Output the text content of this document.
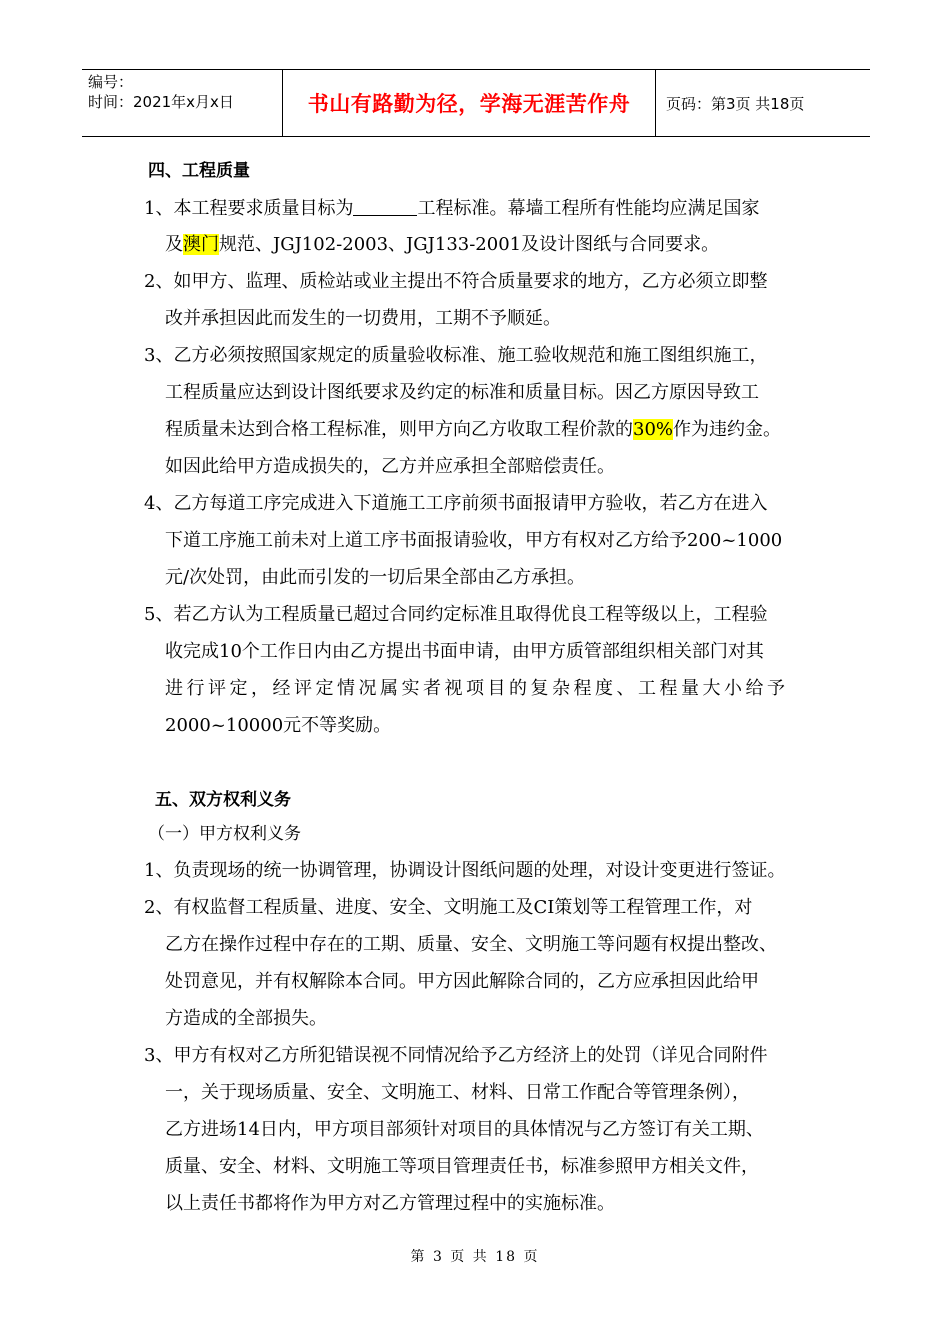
编号：
时间：2021年x月x日	书山有路勤为径，学海无涯苦作舟	页码：第3页 共18页
四、工程质量
1、本工程要求质量目标为	工程标准。幕墙工程所有性能均应满足国家
及澳门规范、JGJ102-2003、JGJ133-2001及设计图纸与合同要求。
2、如甲方、监理、质检站或业主提出不符合质量要求的地方，乙方必须立即整
改并承担因此而发生的一切费用，工期不予顺延。
3、乙方必须按照国家规定的质量验收标准、施工验收规范和施工图组织施工，
工程质量应达到设计图纸要求及约定的标准和质量目标。因乙方原因导致工
程质量未达到合格工程标准，则甲方向乙方收取工程价款的30%作为违约金。
如因此给甲方造成损失的，乙方并应承担全部赔偿责任。
4、乙方每道工序完成进入下道施工工序前须书面报请甲方验收，若乙方在进入
下道工序施工前未对上道工序书面报请验收，甲方有权对乙方给予200~1000
元/次处罚，由此而引发的一切后果全部由乙方承担。
5、若乙方认为工程质量已超过合同约定标准且取得优良工程等级以上，工程验
收完成10个工作日内由乙方提出书面申请，由甲方质管部组织相关部门对其
进行评定，经评定情况属实者视项目的复杂程度、工程量大小给予
2000~10000元不等奖励。
五、双方权利义务
（一）甲方权利义务
1、负责现场的统一协调管理，协调设计图纸问题的处理，对设计变更进行签证。
2、有权监督工程质量、进度、安全、文明施工及CI策划等工程管理工作，对
乙方在操作过程中存在的工期、质量、安全、文明施工等问题有权提出整改、
处罚意见，并有权解除本合同。甲方因此解除合同的，乙方应承担因此给甲
方造成的全部损失。
3、甲方有权对乙方所犯错误视不同情况给予乙方经济上的处罚（详见合同附件
一，关于现场质量、安全、文明施工、材料、日常工作配合等管理条例），
乙方进场14日内，甲方项目部须针对项目的具体情况与乙方签订有关工期、
质量、安全、材料、文明施工等项目管理责任书，标准参照甲方相关文件，
以上责任书都将作为甲方对乙方管理过程中的实施标准。
第 3 页 共 18 页
